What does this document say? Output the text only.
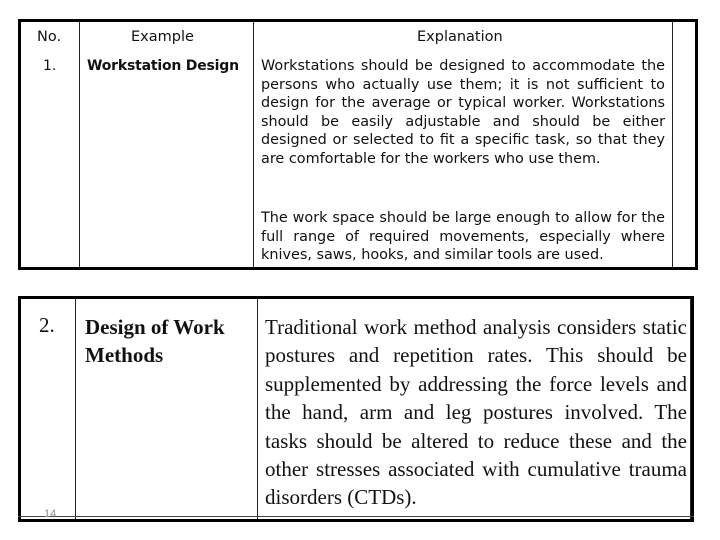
No.	Example	Explanation
1. Workstation Design Workstations should be designed to accommodate the persons who actually use them; it is not sufficient to design for the average or typical worker. Workstations should be easily adjustable and should be either designed or selected to fit a specific task, so that they are comfortable for the workers who use them.

The work space should be large enough to allow for the full range of required movements, especially where knives, saws, hooks, and similar tools are used.

2. Design of Work Methods

Traditional work method analysis considers static postures and repetition rates. This should be supplemented by addressing the force levels and the hand, arm and leg postures involved. The tasks should be altered to reduce these and the other stresses associated with cumulative trauma disorders (CTDs).

14
